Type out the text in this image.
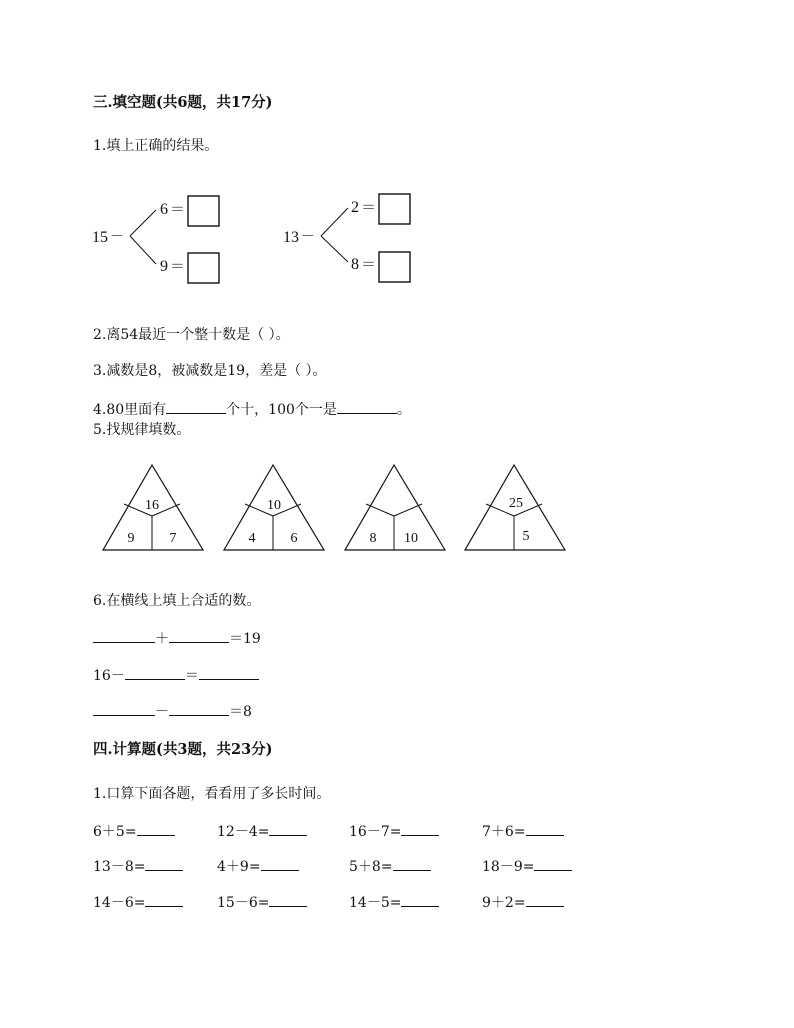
三.填空题(共6题，共17分)
1.填上正确的结果。
15 －
6 ＝
9 ＝
13 －
2 ＝
8 ＝
2.离54最近一个整十数是（ ）。
3.减数是8，被减数是19，差是（ ）。
4.80里面有	个十，100个一是	。
5.找规律填数。
16
9	7
10
4	6	8 10
25
5
6.在横线上填上合适的数。
＋	＝19
16－	＝
－	＝8
四.计算题(共3题，共23分)
1.口算下面各题，看看用了多长时间。
6＋5=	12－4=	16－7=	7＋6=
13－8=	4＋9=	5＋8=	18－9=
14－6=	15－6=	14－5=	9＋2=
